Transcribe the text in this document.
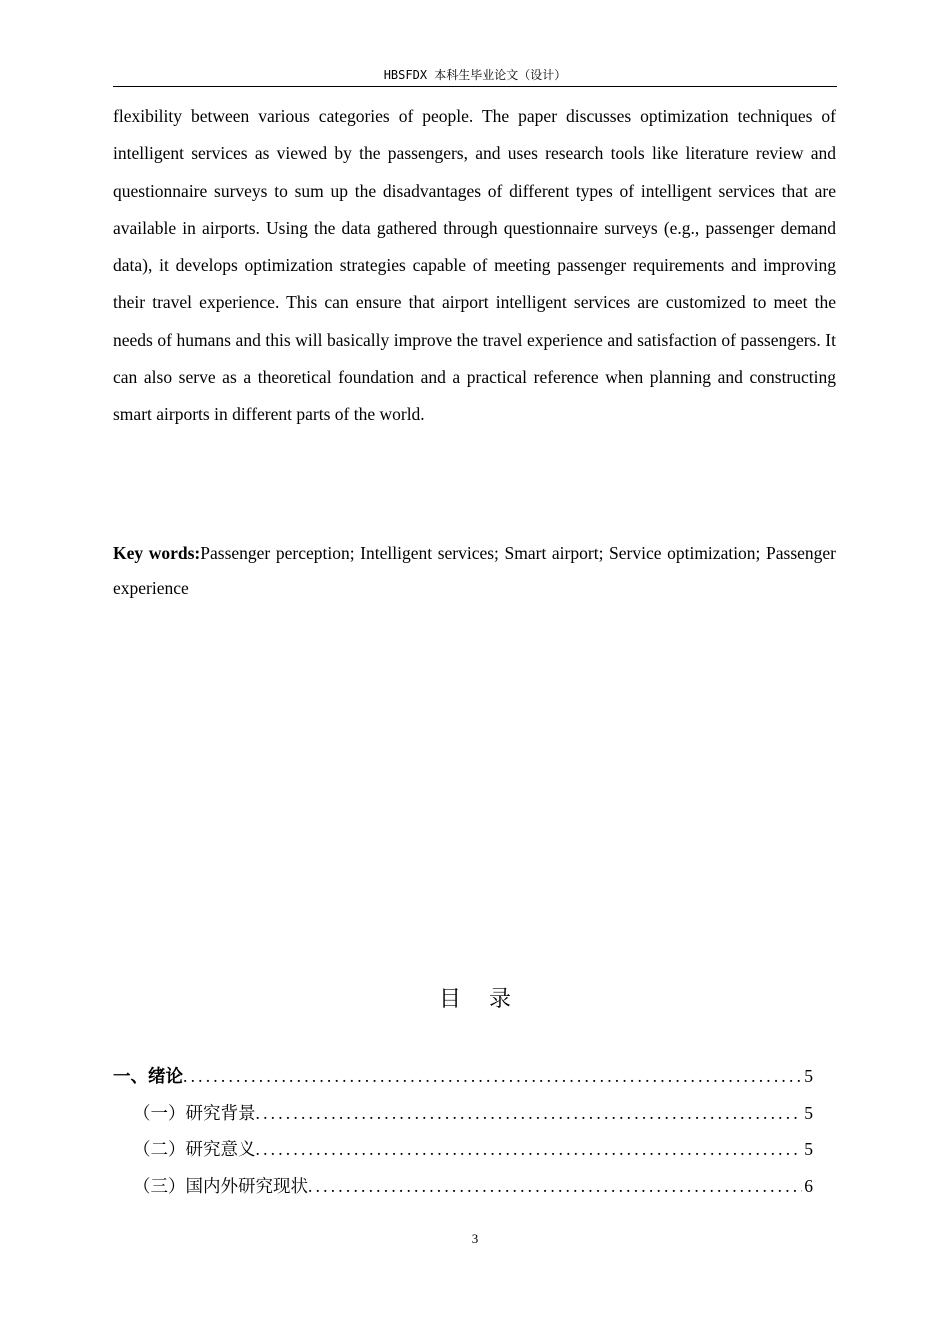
HBSFDX 本科生毕业论文（设计）

flexibility between various categories of people. The paper discusses optimization techniques of intelligent services as viewed by the passengers, and uses research tools like literature review and questionnaire surveys to sum up the disadvantages of different types of intelligent services that are available in airports. Using the data gathered through questionnaire surveys (e.g., passenger demand data), it develops optimization strategies capable of meeting passenger requirements and improving their travel experience. This can ensure that airport intelligent services are customized to meet the needs of humans and this will basically improve the travel experience and satisfaction of passengers. It can also serve as a theoretical foundation and a practical reference when planning and constructing smart airports in different parts of the world.

Key words:Passenger perception; Intelligent services; Smart airport; Service optimization; Passenger experience

目录
一、绪论 .....	5
（一）研究背景 .....	5
（二）研究意义 .....	5
（三）国内外研究现状 .....	6
3
